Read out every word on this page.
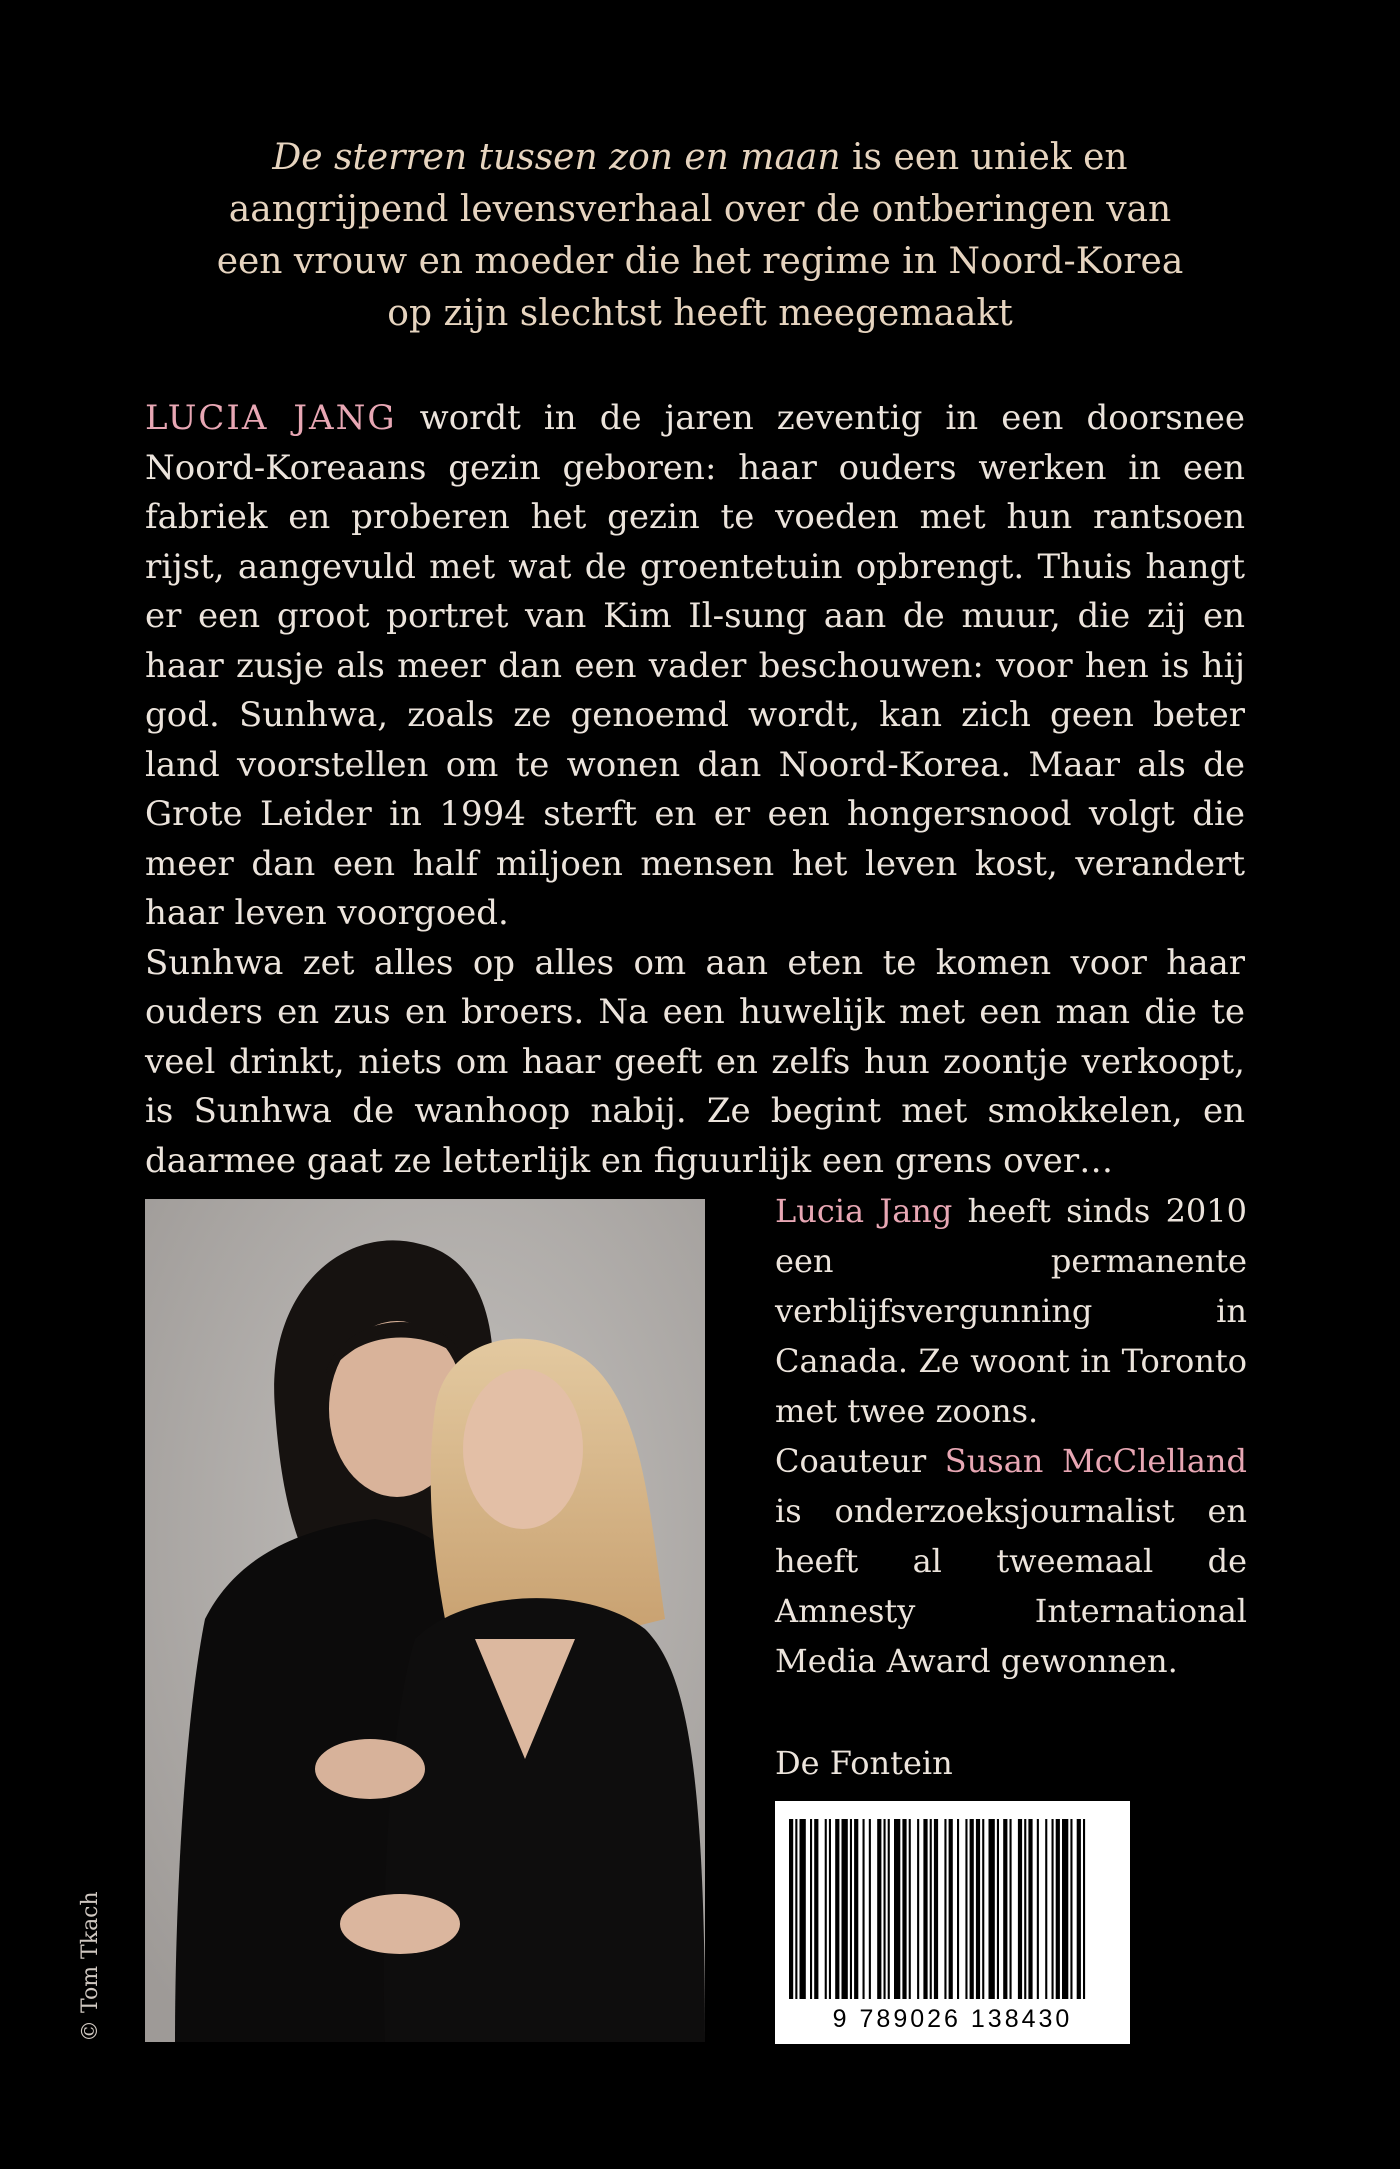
De sterren tussen zon en maan is een uniek en aangrijpend levensverhaal over de ontberingen van een vrouw en moeder die het regime in Noord-Korea op zijn slechtst heeft meegemaakt

LUCIA JANG wordt in de jaren zeventig in een doorsnee Noord-Koreaans gezin geboren: haar ouders werken in een fabriek en proberen het gezin te voeden met hun rantsoen rijst, aangevuld met wat de groentetuin opbrengt. Thuis hangt er een groot portret van Kim Il-sung aan de muur, die zij en haar zusje als meer dan een vader beschouwen: voor hen is hij god. Sunhwa, zoals ze genoemd wordt, kan zich geen beter land voorstellen om te wonen dan Noord-Korea. Maar als de Grote Leider in 1994 sterft en er een hongersnood volgt die meer dan een half miljoen mensen het leven kost, verandert haar leven voorgoed.

Sunhwa zet alles op alles om aan eten te komen voor haar ouders en zus en broers. Na een huwelijk met een man die te veel drinkt, niets om haar geeft en zelfs hun zoontje verkoopt, is Sunhwa de wanhoop nabij. Ze begint met smokkelen, en daarmee gaat ze letterlijk en figuurlijk een grens over…

© Tom Tkach

Lucia Jang heeft sinds 2010 een permanente verblijfsvergunning in Canada. Ze woont in Toronto met twee zoons.

Coauteur Susan McClelland is onderzoeksjournalist en heeft al tweemaal de Amnesty International Media Award gewonnen.

De Fontein
9 789026 138430
